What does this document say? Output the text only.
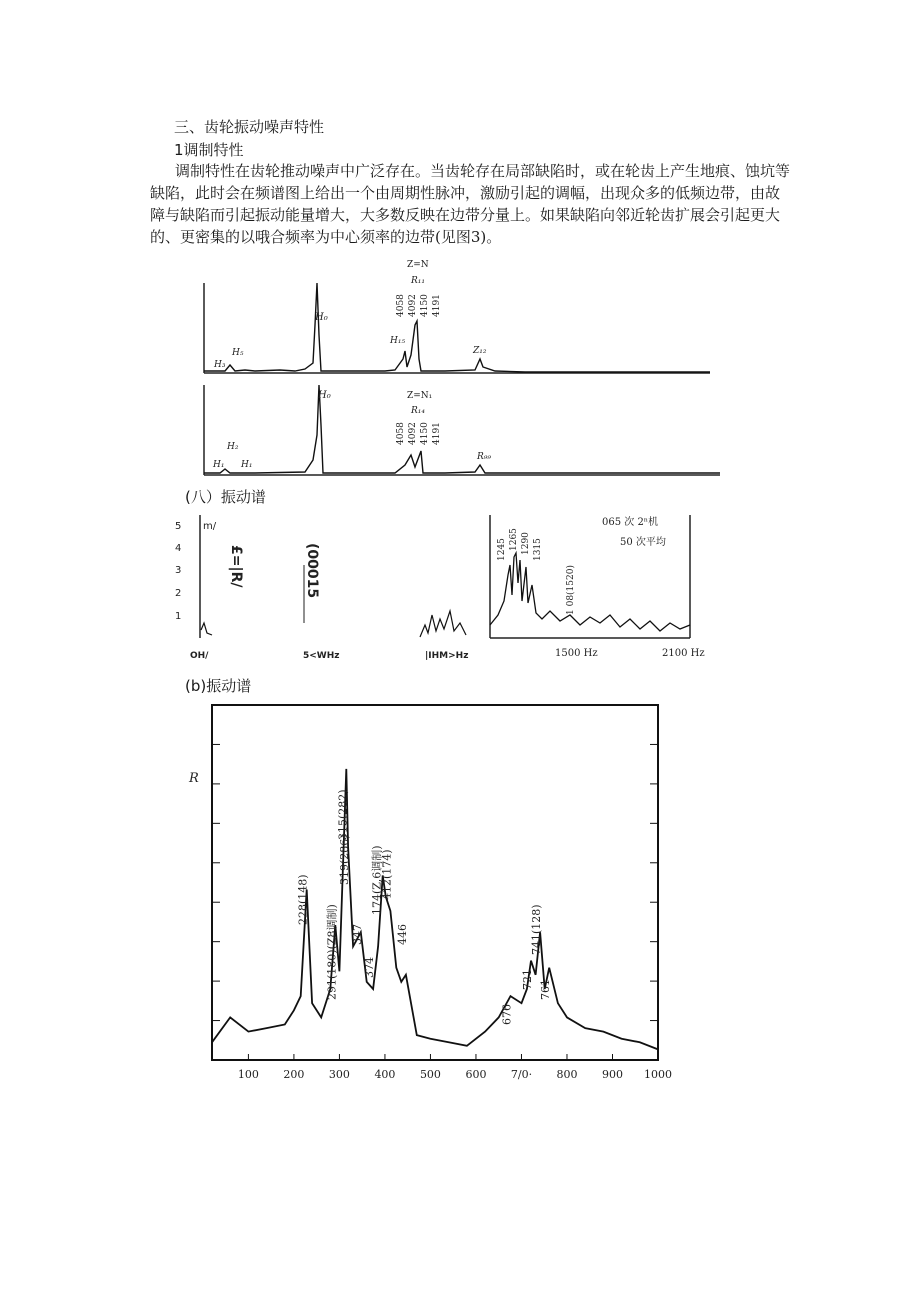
三、齿轮振动噪声特性
1调制特性
调制特性在齿轮推动噪声中广泛存在。当齿轮存在局部缺陷时，或在轮齿上产生地痕、蚀坑等缺陷，此时会在频谱图上给出一个由周期性脉冲，激励引起的调幅，出现众多的低频边带，由故障与缺陷而引起振动能量增大，大多数反映在边带分量上。如果缺陷向邻近轮齿扩展会引起更大的、更密集的以哦合频率为中心须率的边带(见图3)。
H₀
H₁₅
H₅
H₃
Z₁₂
Z=N
R₁₁
4058 4092 4150 4191
H₀
H₂
H₁ H₁
R₉₉
Z=N₁
R₁₄
4058 4092 4150 4191
(八）振动谱
5
4
3
2
1
m/
£=|R/	(00015	1245 1265 1290 1315
1 08(1520)
065 次 2ⁿ机
50 次平均
OH/	5<WHz	|IHM>Hz	1500 Hz	2100 Hz
(b)振动谱
R
100 200 300 400 500 600 7/0· 800 900 1000
228(148)
291(180)(Z8调制)
315(282)
319(286)
347
374
174(Z,6调制)
412(174)
446
676
721
741(128)
761
